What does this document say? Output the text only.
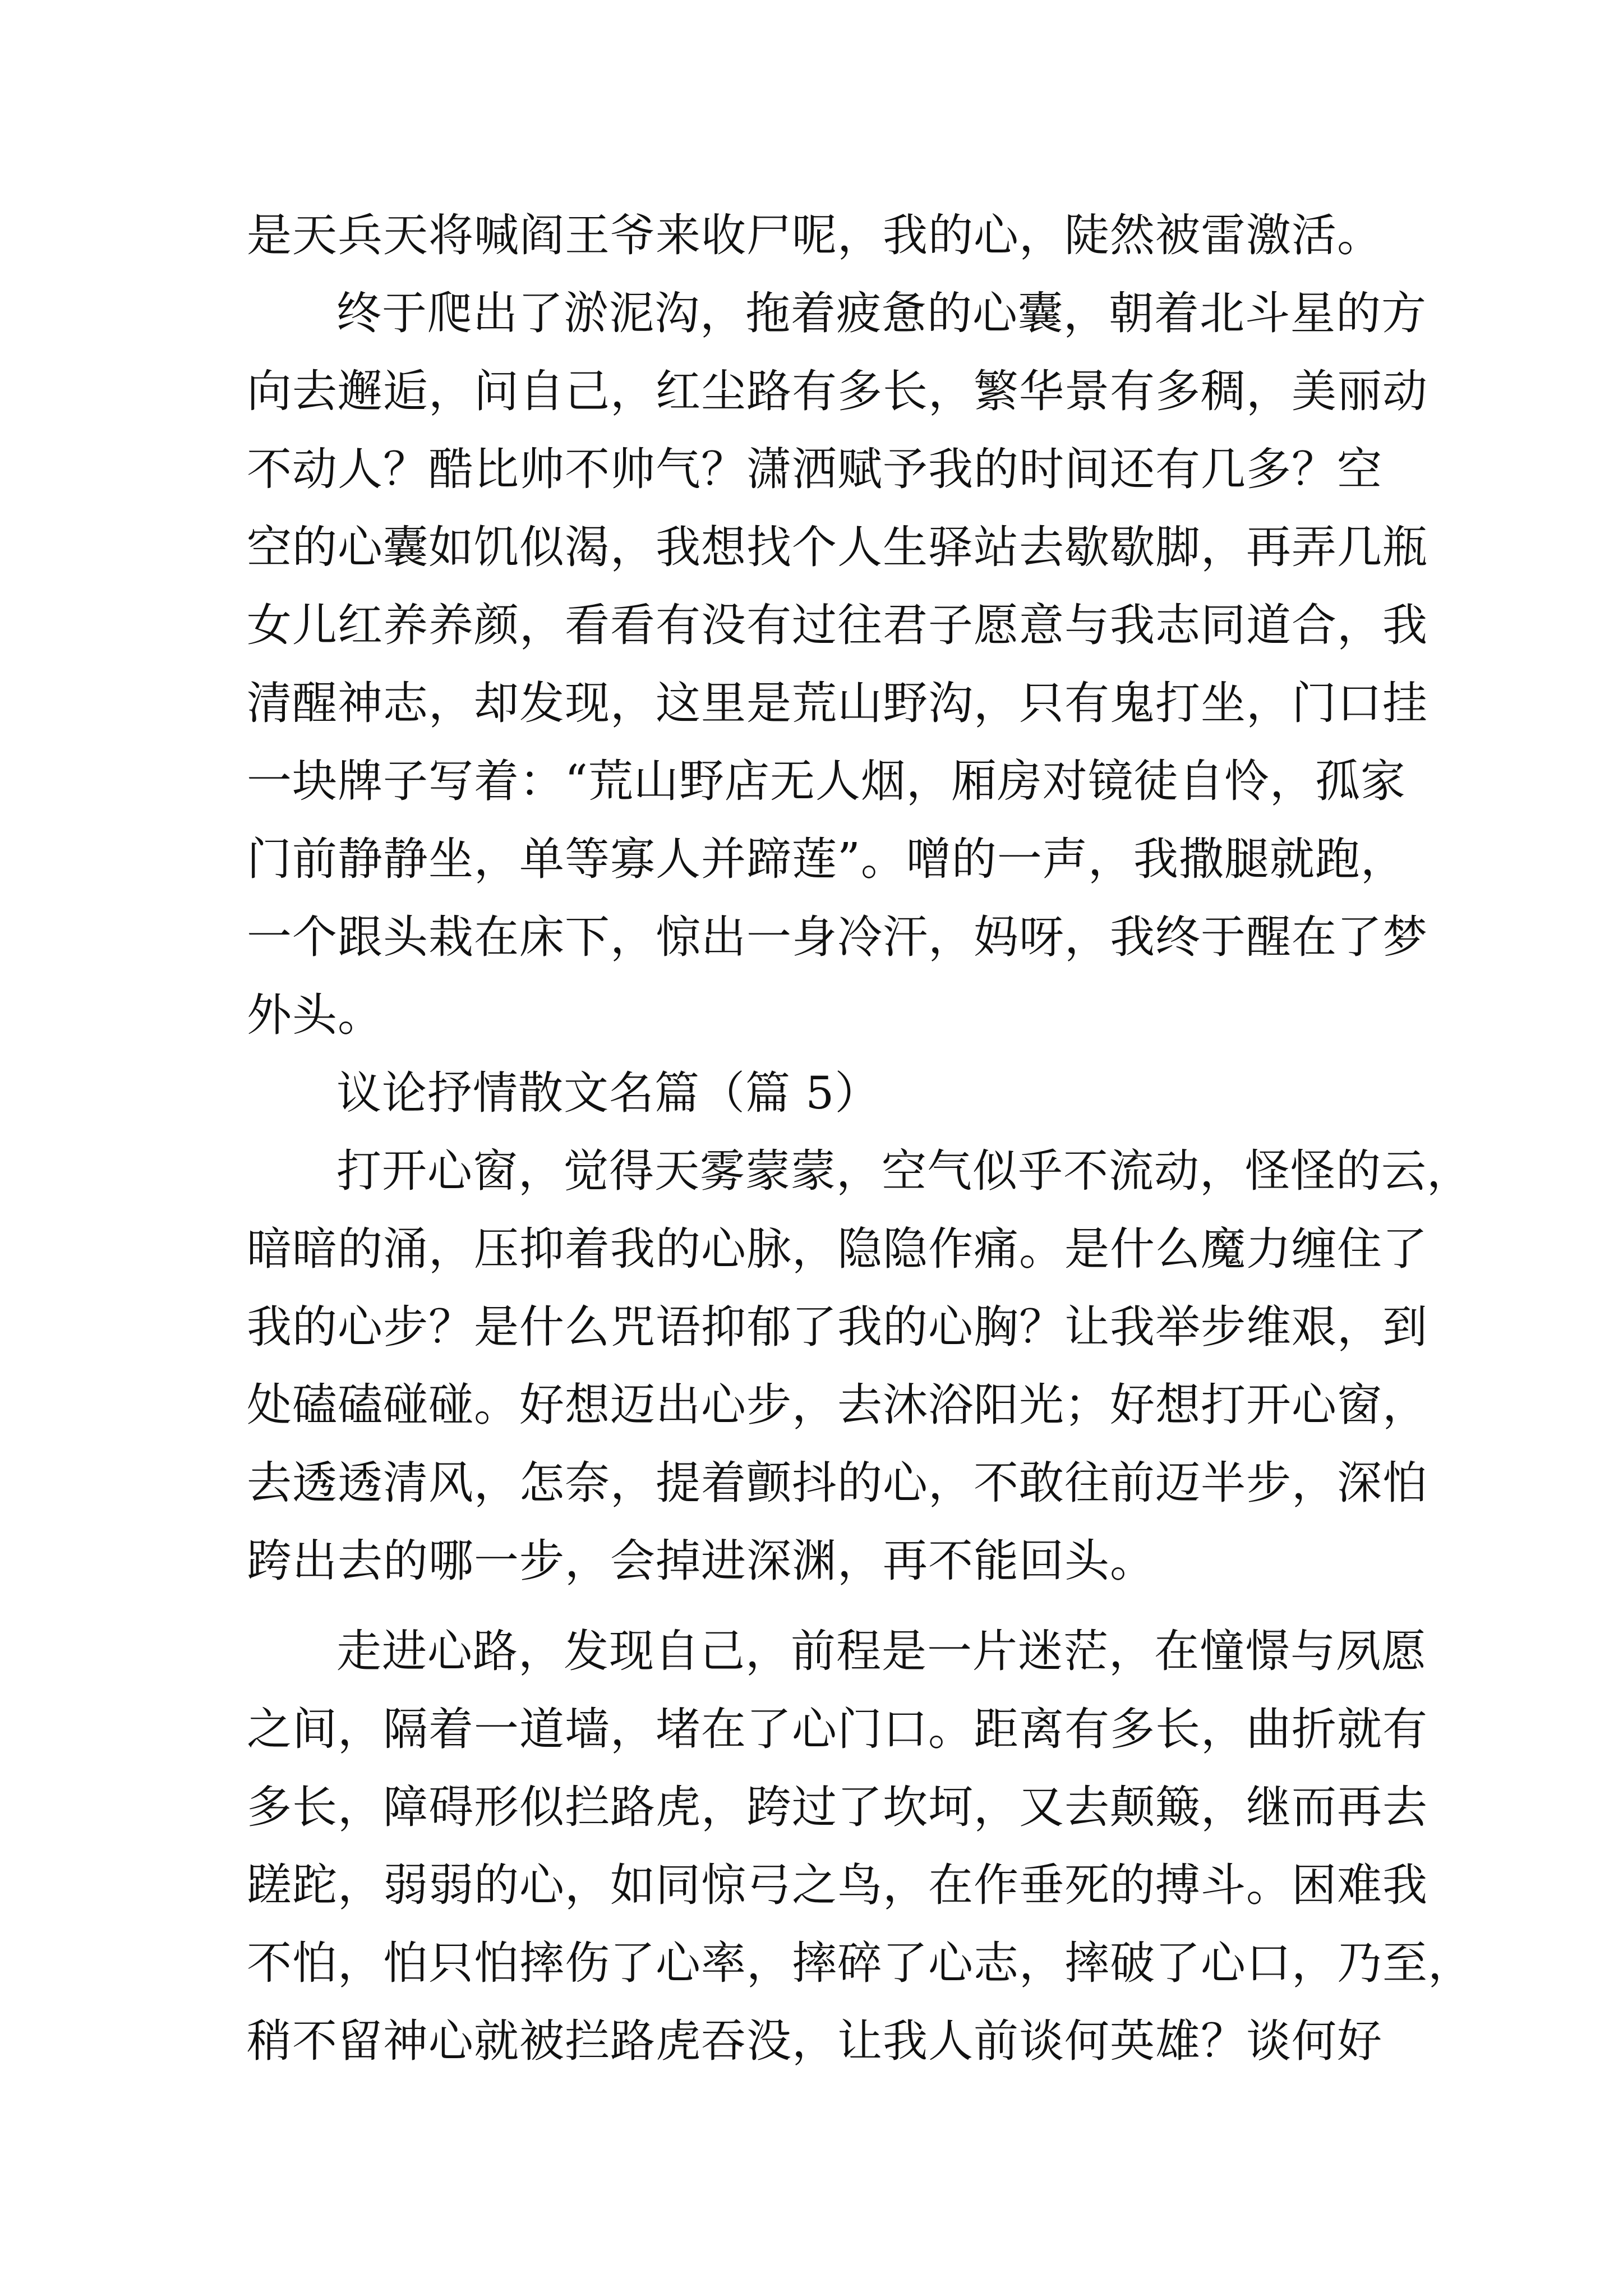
是天兵天将喊阎王爷来收尸呢，我的心，陡然被雷激活。
终于爬出了淤泥沟，拖着疲惫的心囊，朝着北斗星的方
向去邂逅，问自己，红尘路有多长，繁华景有多稠，美丽动
不动人？酷比帅不帅气？潇洒赋予我的时间还有几多？空
空的心囊如饥似渴，我想找个人生驿站去歇歇脚，再弄几瓶
女儿红养养颜，看看有没有过往君子愿意与我志同道合，我
清醒神志，却发现，这里是荒山野沟，只有鬼打坐，门口挂
一块牌子写着：“荒山野店无人烟，厢房对镜徒自怜，孤家
门前静静坐，单等寡人并蹄莲”。噌的一声，我撒腿就跑，
一个跟头栽在床下，惊出一身冷汗，妈呀，我终于醒在了梦
外头。
议论抒情散文名篇（篇 5）
打开心窗，觉得天雾蒙蒙，空气似乎不流动，怪怪的云，
暗暗的涌，压抑着我的心脉，隐隐作痛。是什么魔力缠住了
我的心步？是什么咒语抑郁了我的心胸？让我举步维艰，到
处磕磕碰碰。好想迈出心步，去沐浴阳光；好想打开心窗，
去透透清风，怎奈，提着颤抖的心，不敢往前迈半步，深怕
跨出去的哪一步，会掉进深渊，再不能回头。
走进心路，发现自己，前程是一片迷茫，在憧憬与夙愿
之间，隔着一道墙，堵在了心门口。距离有多长，曲折就有
多长，障碍形似拦路虎，跨过了坎坷，又去颠簸，继而再去
蹉跎，弱弱的心，如同惊弓之鸟，在作垂死的搏斗。困难我
不怕，怕只怕摔伤了心率，摔碎了心志，摔破了心口，乃至，
稍不留神心就被拦路虎吞没，让我人前谈何英雄？谈何好
